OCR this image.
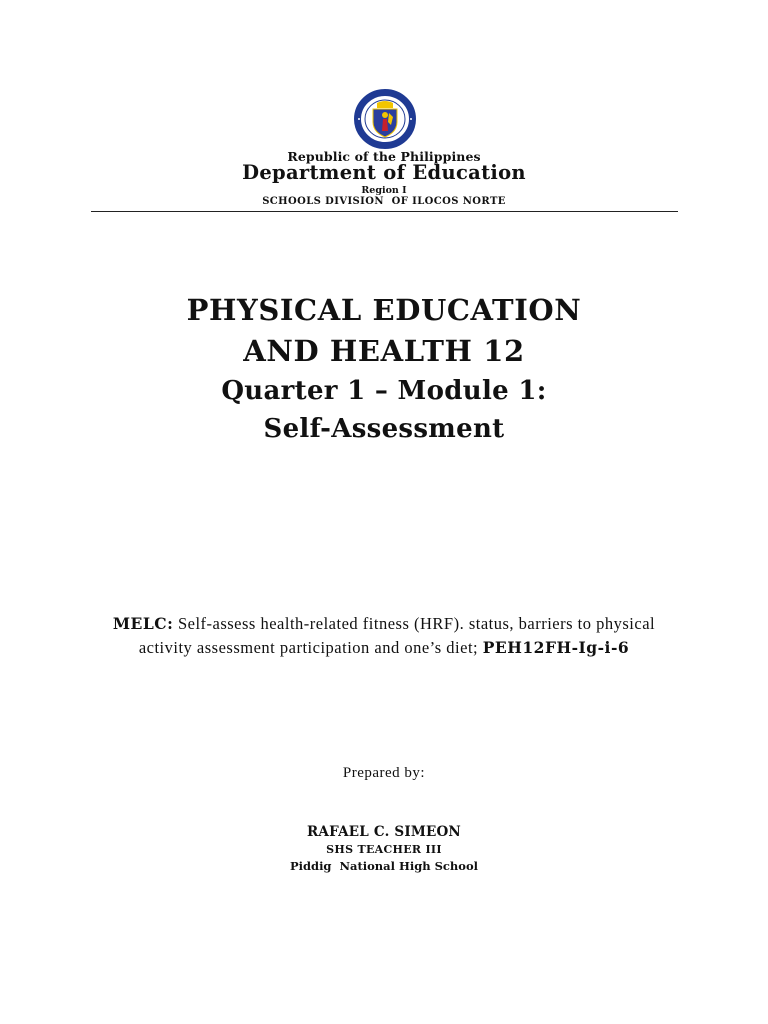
Republic of the Philippines
Department of Education
Region I
SCHOOLS DIVISION  OF ILOCOS NORTE
PHYSICAL EDUCATION
AND HEALTH 12
Quarter 1 – Module 1:
Self-Assessment
MELC: Self-assess health-related fitness (HRF). status, barriers to physical activity assessment participation and one’s diet; PEH12FH-Ig-i-6
Prepared by:
RAFAEL C. SIMEON
SHS TEACHER III
Piddig  National High School
